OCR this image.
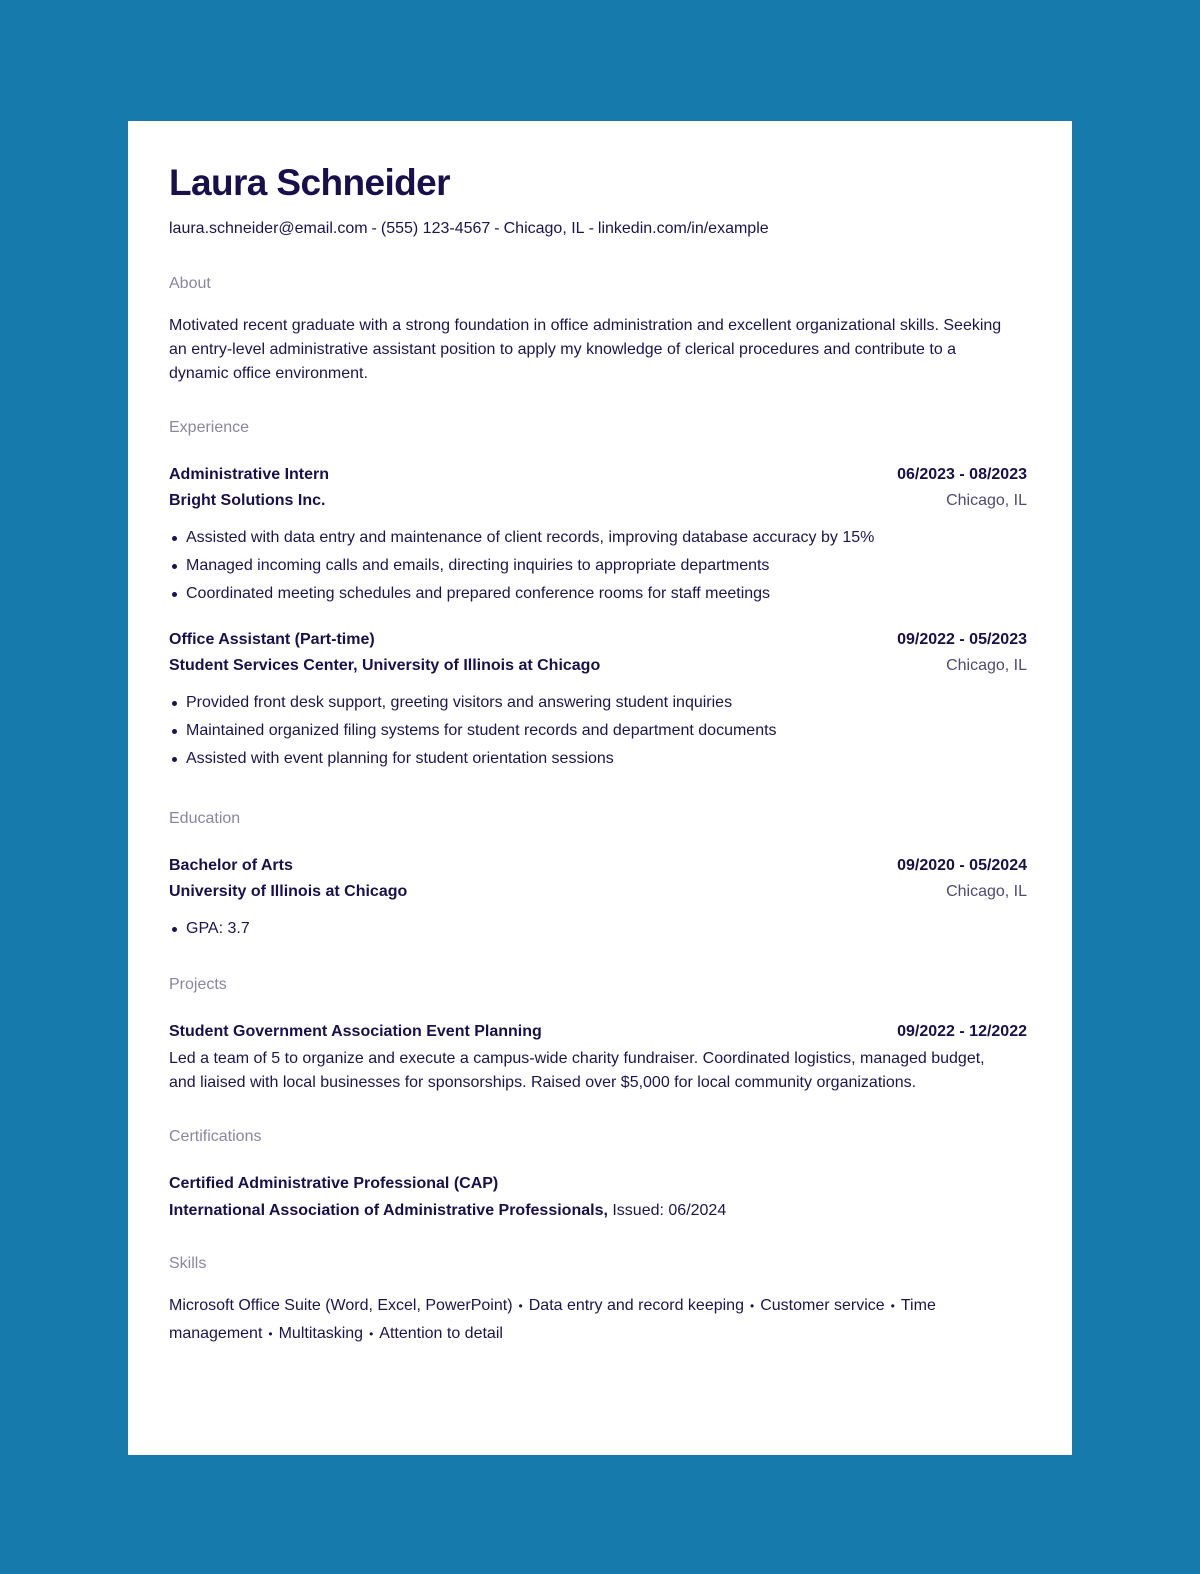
Laura Schneider
laura.schneider@email.com - (555) 123-4567 - Chicago, IL - linkedin.com/in/example
About
Motivated recent graduate with a strong foundation in office administration and excellent organizational skills. Seeking an entry-level administrative assistant position to apply my knowledge of clerical procedures and contribute to a dynamic office environment.
Experience
Administrative Intern	06/2023 - 08/2023
Bright Solutions Inc.	Chicago, IL
Assisted with data entry and maintenance of client records, improving database accuracy by 15%
Managed incoming calls and emails, directing inquiries to appropriate departments
Coordinated meeting schedules and prepared conference rooms for staff meetings
Office Assistant (Part-time)	09/2022 - 05/2023
Student Services Center, University of Illinois at Chicago	Chicago, IL
Provided front desk support, greeting visitors and answering student inquiries
Maintained organized filing systems for student records and department documents
Assisted with event planning for student orientation sessions
Education
Bachelor of Arts	09/2020 - 05/2024
University of Illinois at Chicago	Chicago, IL
GPA: 3.7
Projects
Student Government Association Event Planning	09/2022 - 12/2022
Led a team of 5 to organize and execute a campus-wide charity fundraiser. Coordinated logistics, managed budget, and liaised with local businesses for sponsorships. Raised over $5,000 for local community organizations.
Certifications
Certified Administrative Professional (CAP)
International Association of Administrative Professionals, Issued: 06/2024
Skills
Microsoft Office Suite (Word, Excel, PowerPoint) • Data entry and record keeping • Customer service • Time
management • Multitasking • Attention to detail
